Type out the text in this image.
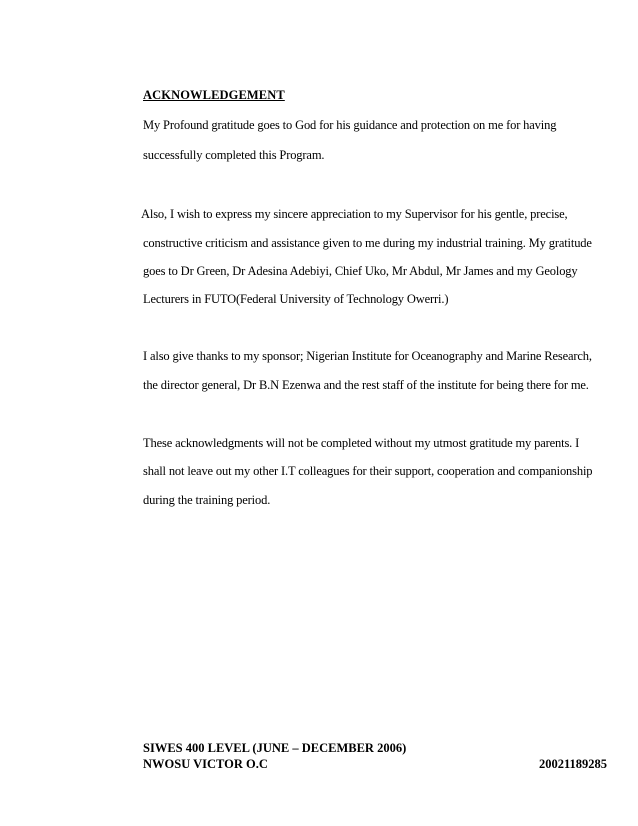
ACKNOWLEDGEMENT
My Profound gratitude goes to God for his guidance and protection on me for having
successfully completed this Program.
Also, I wish to express my sincere appreciation to my Supervisor for his gentle, precise,
constructive criticism and assistance given to me during my industrial training. My gratitude
goes to Dr Green, Dr Adesina Adebiyi, Chief Uko, Mr Abdul, Mr James and my Geology
Lecturers in FUTO(Federal University of Technology Owerri.)
I also give thanks to my sponsor; Nigerian Institute for Oceanography and Marine Research,
the director general, Dr B.N Ezenwa and the rest staff of the institute for being there for me.
These acknowledgments will not be completed without my utmost gratitude my parents. I
shall not leave out my other I.T colleagues for their support, cooperation and companionship
during the training period.
SIWES 400 LEVEL (JUNE – DECEMBER 2006)
NWOSU VICTOR O.C	20021189285
